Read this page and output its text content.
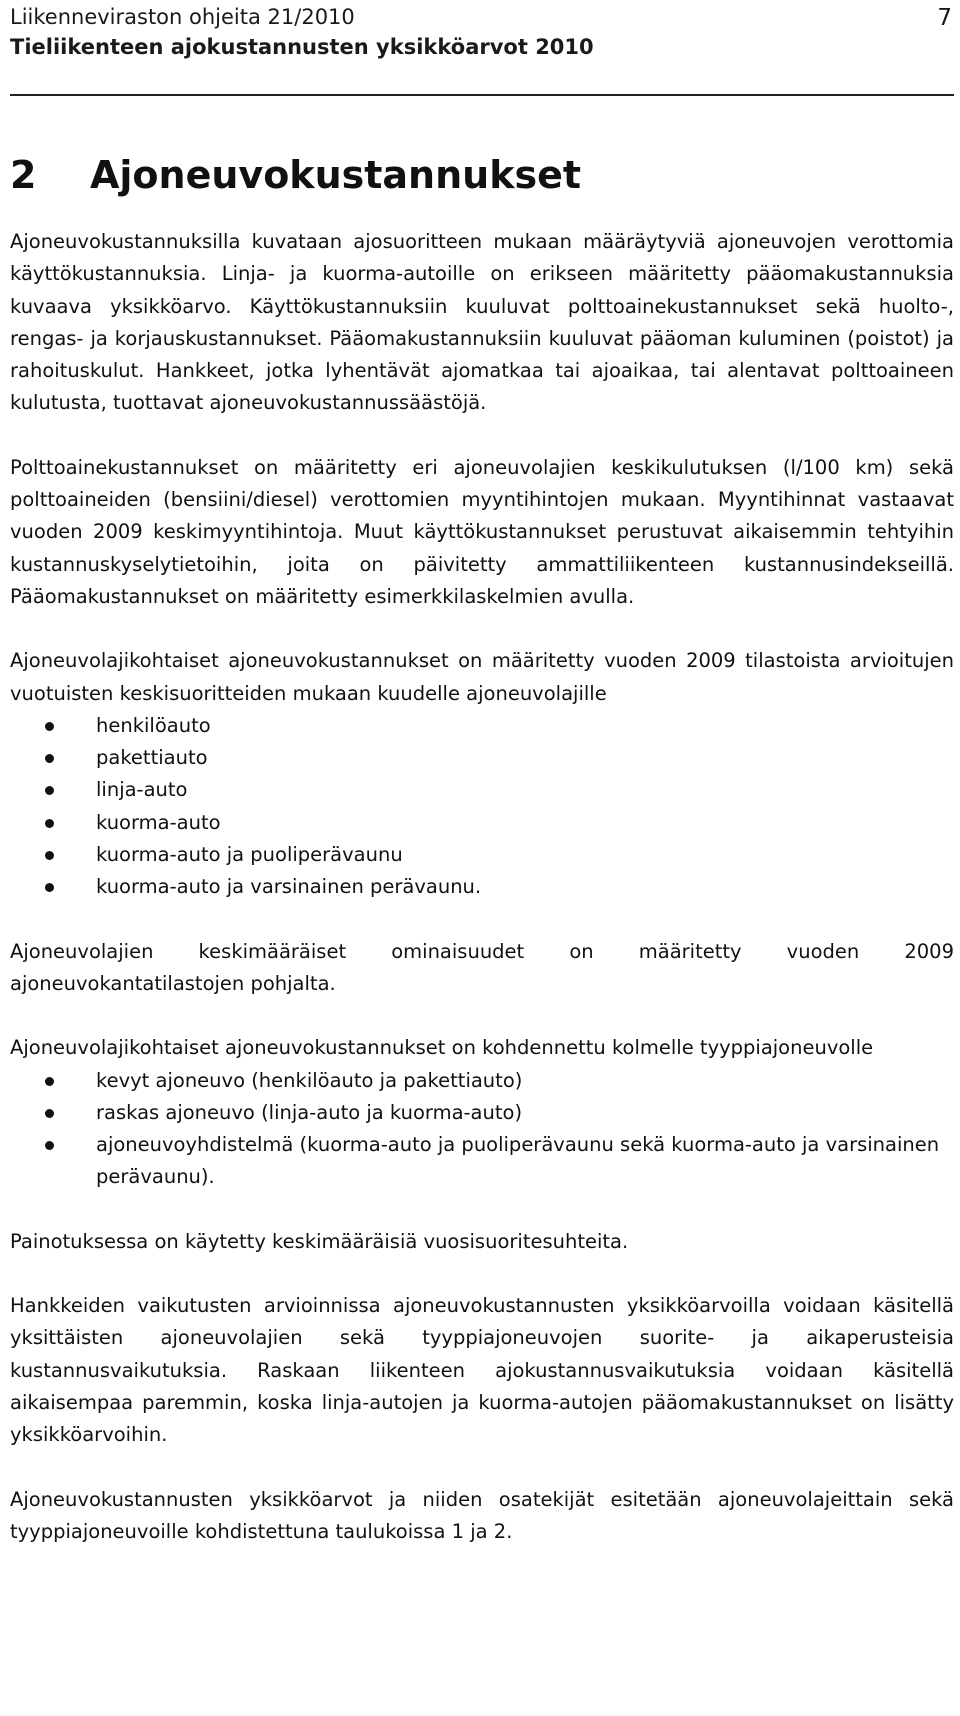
Liikenneviraston ohjeita 21/2010
Tieliikenteen ajokustannusten yksikköarvot 2010
7
2 Ajoneuvokustannukset

Ajoneuvokustannuksilla kuvataan ajosuoritteen mukaan määräytyviä ajoneuvojen verottomia käyttökustannuksia. Linja- ja kuorma-autoille on erikseen määritetty pääomakustannuksia kuvaava yksikköarvo. Käyttökustannuksiin kuuluvat polttoainekustannukset sekä huolto-, rengas- ja korjauskustannukset. Pääomakustannuksiin kuuluvat pääoman kuluminen (poistot) ja rahoituskulut. Hankkeet, jotka lyhentävät ajomatkaa tai ajoaikaa, tai alentavat polttoaineen kulutusta, tuottavat ajoneuvokustannussäästöjä.

Polttoainekustannukset on määritetty eri ajoneuvolajien keskikulutuksen (l/100 km) sekä polttoaineiden (bensiini/diesel) verottomien myyntihintojen mukaan. Myyntihinnat vastaavat vuoden 2009 keskimyyntihintoja. Muut käyttökustannukset perustuvat aikaisemmin tehtyihin kustannuskyselytietoihin, joita on päivitetty ammattiliikenteen kustannusindekseillä. Pääomakustannukset on määritetty esimerkkilaskelmien avulla.

Ajoneuvolajikohtaiset ajoneuvokustannukset on määritetty vuoden 2009 tilastoista arvioitujen vuotuisten keskisuoritteiden mukaan kuudelle ajoneuvolajille

henkilöauto
pakettiauto
linja-auto
kuorma-auto
kuorma-auto ja puoliperävaunu
kuorma-auto ja varsinainen perävaunu.

Ajoneuvolajien keskimääräiset ominaisuudet on määritetty vuoden 2009 ajoneuvokantatilastojen pohjalta.

Ajoneuvolajikohtaiset ajoneuvokustannukset on kohdennettu kolmelle tyyppiajoneuvolle

kevyt ajoneuvo (henkilöauto ja pakettiauto)
raskas ajoneuvo (linja-auto ja kuorma-auto)
ajoneuvoyhdistelmä (kuorma-auto ja puoliperävaunu sekä kuorma-auto ja varsinainen perävaunu).

Painotuksessa on käytetty keskimääräisiä vuosisuoritesuhteita.

Hankkeiden vaikutusten arvioinnissa ajoneuvokustannusten yksikköarvoilla voidaan käsitellä yksittäisten ajoneuvolajien sekä tyyppiajoneuvojen suorite- ja aikaperusteisia kustannusvaikutuksia. Raskaan liikenteen ajokustannusvaikutuksia voidaan käsitellä aikaisempaa paremmin, koska linja-autojen ja kuorma-autojen pääomakustannukset on lisätty yksikköarvoihin.

Ajoneuvokustannusten yksikköarvot ja niiden osatekijät esitetään ajoneuvolajeittain sekä tyyppiajoneuvoille kohdistettuna taulukoissa 1 ja 2.
